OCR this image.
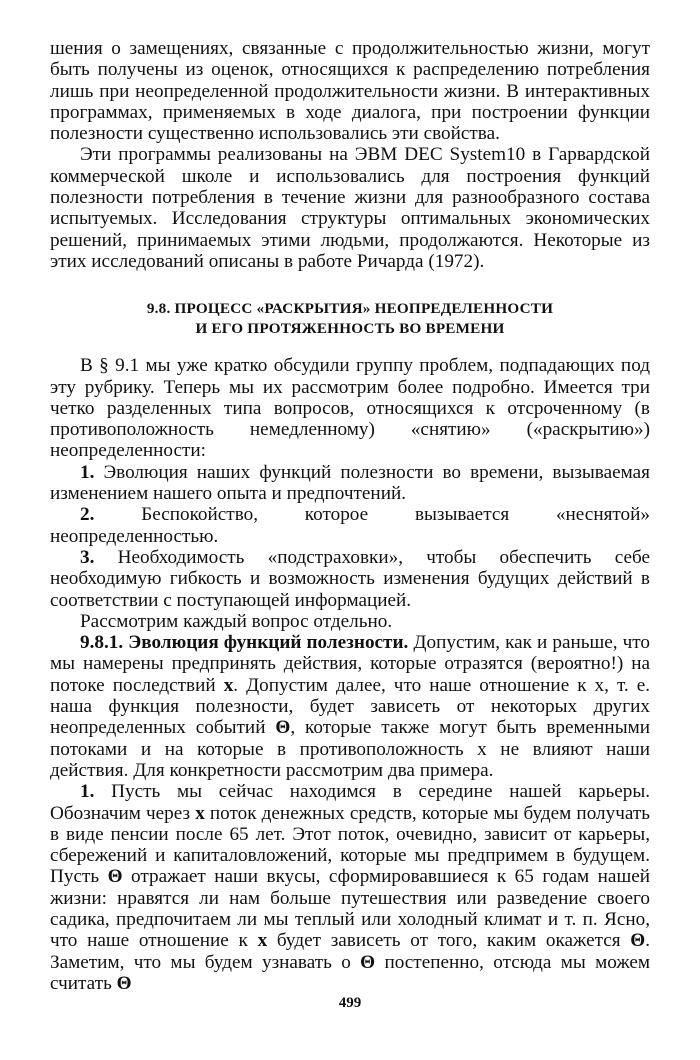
шения о замещениях, связанные с продолжительностью жизни, могут быть получены из оценок, относящихся к распределению потребления лишь при неопределенной продолжительности жизни. В интерактивных программах, применяемых в ходе диалога, при построении функции полезности существенно использовались эти свойства.

Эти программы реализованы на ЭВМ DEC System10 в Гарвардской коммерческой школе и использовались для построения функций полезности потребления в течение жизни для разнообразного состава испытуемых. Исследования структуры оптимальных экономических решений, принимаемых этими людьми, продолжаются. Некоторые из этих исследований описаны в работе Ричарда (1972).

9.8. ПРОЦЕСС «РАСКРЫТИЯ» НЕОПРЕДЕЛЕННОСТИ
И ЕГО ПРОТЯЖЕННОСТЬ ВО ВРЕМЕНИ

В § 9.1 мы уже кратко обсудили группу проблем, подпадающих под эту рубрику. Теперь мы их рассмотрим более подробно. Имеется три четко разделенных типа вопросов, относящихся к отсроченному (в противоположность немедленному) «снятию» («раскрытию») неопределенности:

1. Эволюция наших функций полезности во времени, вызываемая изменением нашего опыта и предпочтений.

2. Беспокойство, которое вызывается «неснятой» неопределенностью.

3. Необходимость «подстраховки», чтобы обеспечить себе необходимую гибкость и возможность изменения будущих действий в соответствии с поступающей информацией.

Рассмотрим каждый вопрос отдельно.

9.8.1. Эволюция функций полезности. Допустим, как и раньше, что мы намерены предпринять действия, которые отразятся (вероятно!) на потоке последствий x. Допустим далее, что наше отношение к x, т. е. наша функция полезности, будет зависеть от некоторых других неопределенных событий Θ, которые также могут быть временными потоками и на которые в противоположность x не влияют наши действия. Для конкретности рассмотрим два примера.

1. Пусть мы сейчас находимся в середине нашей карьеры. Обозначим через x поток денежных средств, которые мы будем получать в виде пенсии после 65 лет. Этот поток, очевидно, зависит от карьеры, сбережений и капиталовложений, которые мы предпримем в будущем. Пусть Θ отражает наши вкусы, сформировавшиеся к 65 годам нашей жизни: нравятся ли нам больше путешествия или разведение своего садика, предпочитаем ли мы теплый или холодный климат и т. п. Ясно, что наше отношение к x будет зависеть от того, каким окажется Θ. Заметим, что мы будем узнавать о Θ постепенно, отсюда мы можем считать Θ

499
